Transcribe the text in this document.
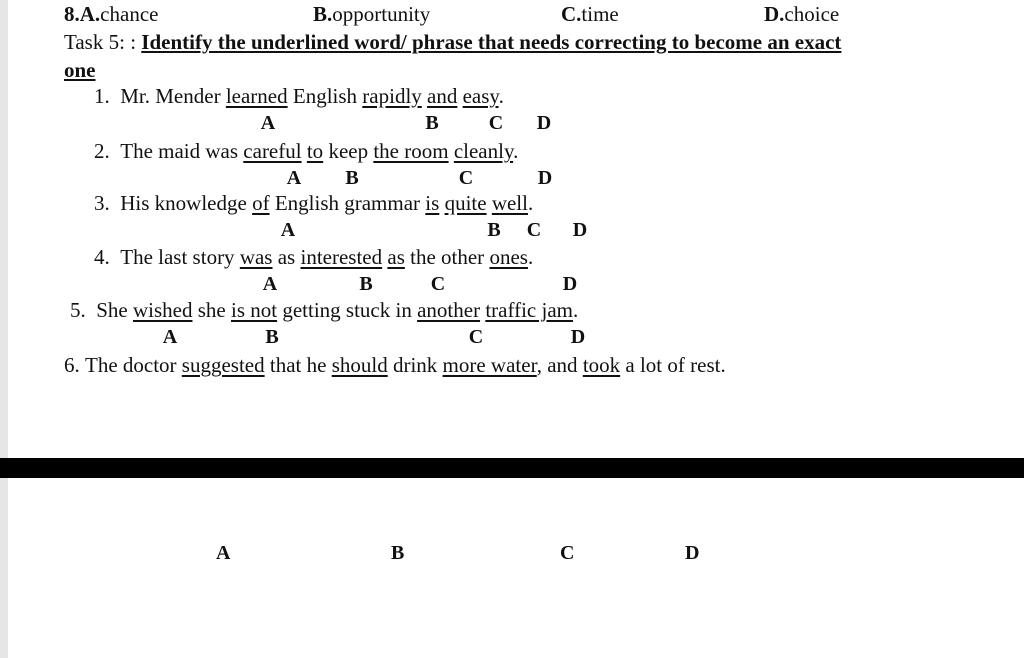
8.A.chance	B.opportunity	C.time	D.choice
Task 5: : Identify the underlined word/ phrase that needs correcting to become an exact
one
1. Mr. Mender learned English rapidly and easy.
A	B	C D
2. The maid was careful to keep the room cleanly.
A B	C	D
3. His knowledge of English grammar is quite well.
A	B C D
4. The last story was as interested as the other ones.
A	B	C	D
5. She wished she is not getting stuck in another traffic jam.
A	B	C	D
6. The doctor suggested that he should drink more water, and took a lot of rest.
A	B	C	D
